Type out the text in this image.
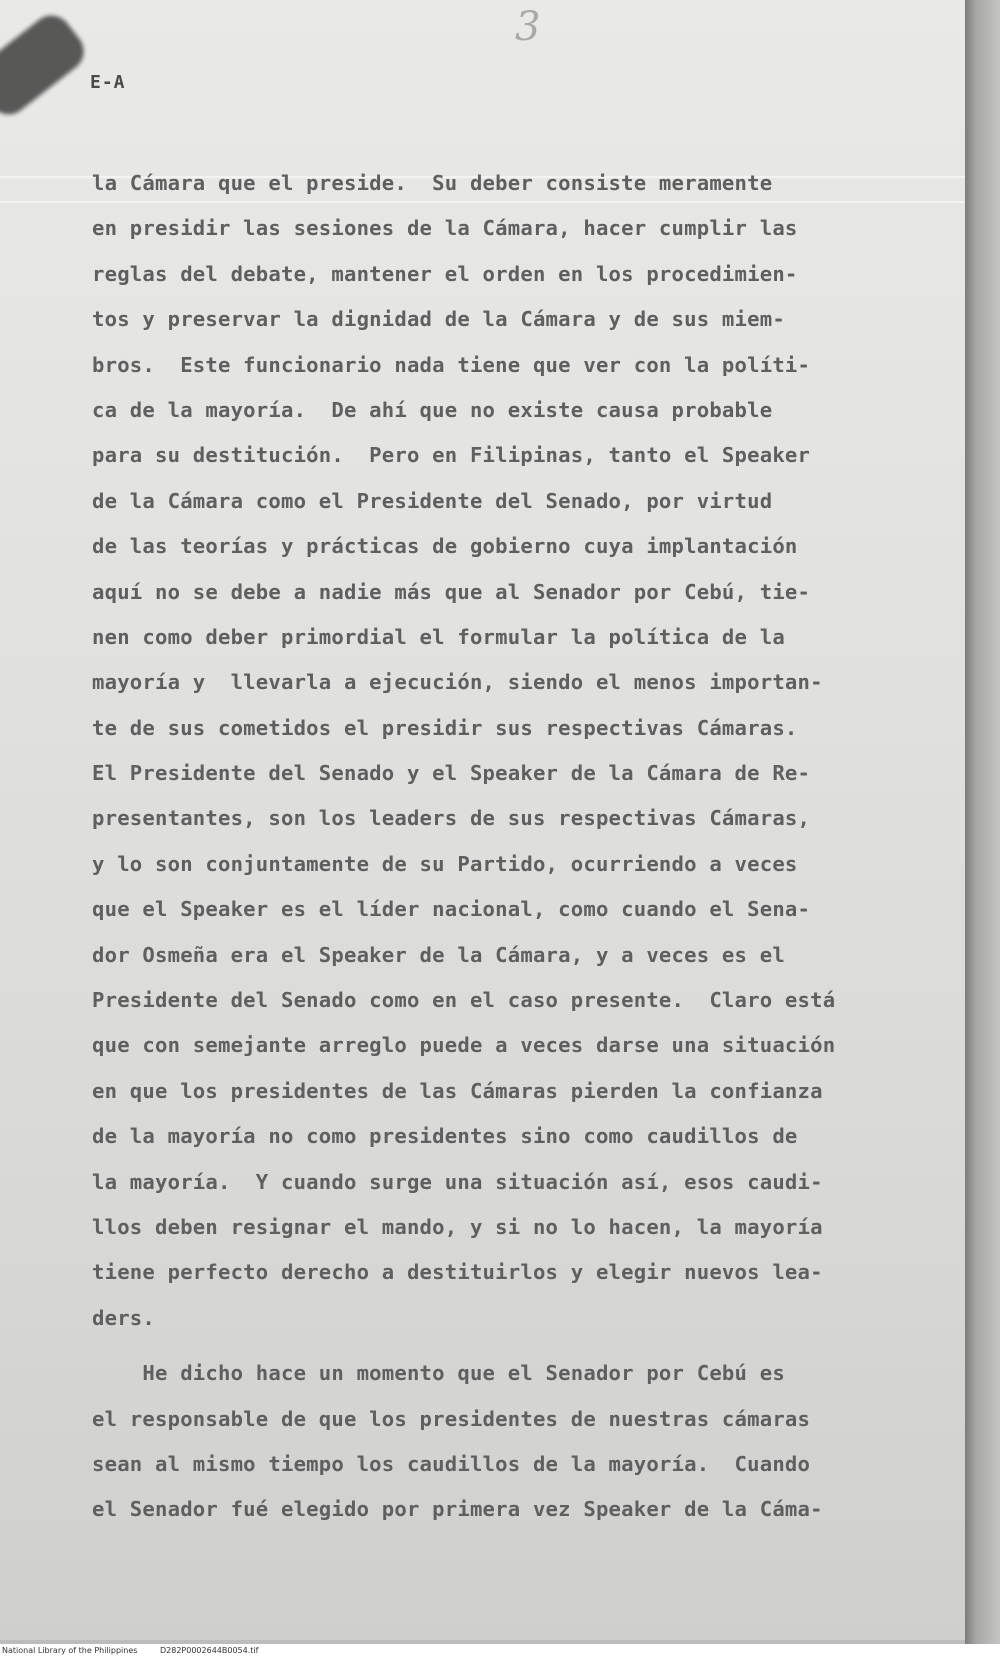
¹
3
E-A
la Cámara que el preside.  Su deber consiste meramente
en presidir las sesiones de la Cámara, hacer cumplir las
reglas del debate, mantener el orden en los procedimien-
tos y preservar la dignidad de la Cámara y de sus miem-
bros.  Este funcionario nada tiene que ver con la políti-
ca de la mayoría.  De ahí que no existe causa probable
para su destitución.  Pero en Filipinas, tanto el Speaker
de la Cámara como el Presidente del Senado, por virtud
de las teorías y prácticas de gobierno cuya implantación
aquí no se debe a nadie más que al Senador por Cebú, tie-
nen como deber primordial el formular la política de la
mayoría y  llevarla a ejecución, siendo el menos importan-
te de sus cometidos el presidir sus respectivas Cámaras.
El Presidente del Senado y el Speaker de la Cámara de Re-
presentantes, son los leaders de sus respectivas Cámaras,
y lo son conjuntamente de su Partido, ocurriendo a veces
que el Speaker es el líder nacional, como cuando el Sena-
dor Osmeña era el Speaker de la Cámara, y a veces es el
Presidente del Senado como en el caso presente.  Claro está
que con semejante arreglo puede a veces darse una situación
en que los presidentes de las Cámaras pierden la confianza
de la mayoría no como presidentes sino como caudillos de
la mayoría.  Y cuando surge una situación así, esos caudi-
llos deben resignar el mando, y si no lo hacen, la mayoría
tiene perfecto derecho a destituirlos y elegir nuevos lea-
ders.
He dicho hace un momento que el Senador por Cebú es
el responsable de que los presidentes de nuestras cámaras
sean al mismo tiempo los caudillos de la mayoría.  Cuando
el Senador fué elegido por primera vez Speaker de la Cáma-
National Library of the Philippines	D282P0002644B0054.tif
